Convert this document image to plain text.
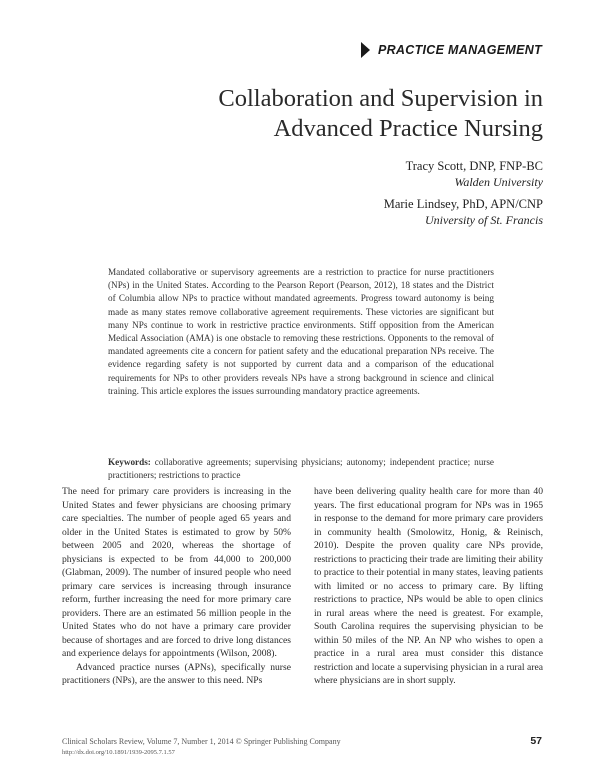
PRACTICE MANAGEMENT
Collaboration and Supervision in
Advanced Practice Nursing
Tracy Scott, DNP, FNP-BC
Walden University
Marie Lindsey, PhD, APN/CNP
University of St. Francis

Mandated collaborative or supervisory agreements are a restriction to practice for nurse practitioners (NPs) in the United States. According to the Pearson Report (Pearson, 2012), 18 states and the District of Columbia allow NPs to practice without mandated agreements. Progress toward autonomy is being made as many states remove collaborative agreement requirements. These victories are significant but many NPs continue to work in restrictive practice environments. Stiff opposition from the American Medical Association (AMA) is one obstacle to removing these restrictions. Opponents to the removal of mandated agreements cite a concern for patient safety and the educational preparation NPs receive. The evidence regarding safety is not supported by current data and a comparison of the educational requirements for NPs to other providers reveals NPs have a strong background in science and clinical training. This article explores the issues surrounding mandatory practice agreements.

Keywords: collaborative agreements; supervising physicians; autonomy; independent practice; nurse practitioners; restrictions to practice

The need for primary care providers is increasing in the United States and fewer physicians are choosing primary care specialties. The number of people aged 65 years and older in the United States is estimated to grow by 50% between 2005 and 2020, whereas the shortage of physicians is expected to be from 44,000 to 200,000 (Glabman, 2009). The number of insured people who need primary care services is increasing through insurance reform, further increasing the need for more primary care providers. There are an estimated 56 million people in the United States who do not have a primary care provider because of shortages and are forced to drive long distances and experience delays for appointments (Wilson, 2008).

Advanced practice nurses (APNs), specifically nurse practitioners (NPs), are the answer to this need. NPs

have been delivering quality health care for more than 40 years. The first educational program for NPs was in 1965 in response to the demand for more primary care providers in community health (Smolowitz, Honig, & Reinisch, 2010). Despite the proven quality care NPs provide, restrictions to practicing their trade are limiting their ability to practice to their potential in many states, leaving patients with limited or no access to primary care. By lifting restrictions to practice, NPs would be able to open clinics in rural areas where the need is greatest. For example, South Carolina requires the supervising physician to be within 50 miles of the NP. An NP who wishes to open a practice in a rural area must consider this distance restriction and locate a supervising physician in a rural area where physicians are in short supply.

Clinical Scholars Review, Volume 7, Number 1, 2014 © Springer Publishing Company
http://dx.doi.org/10.1891/1939-2095.7.1.57
57
